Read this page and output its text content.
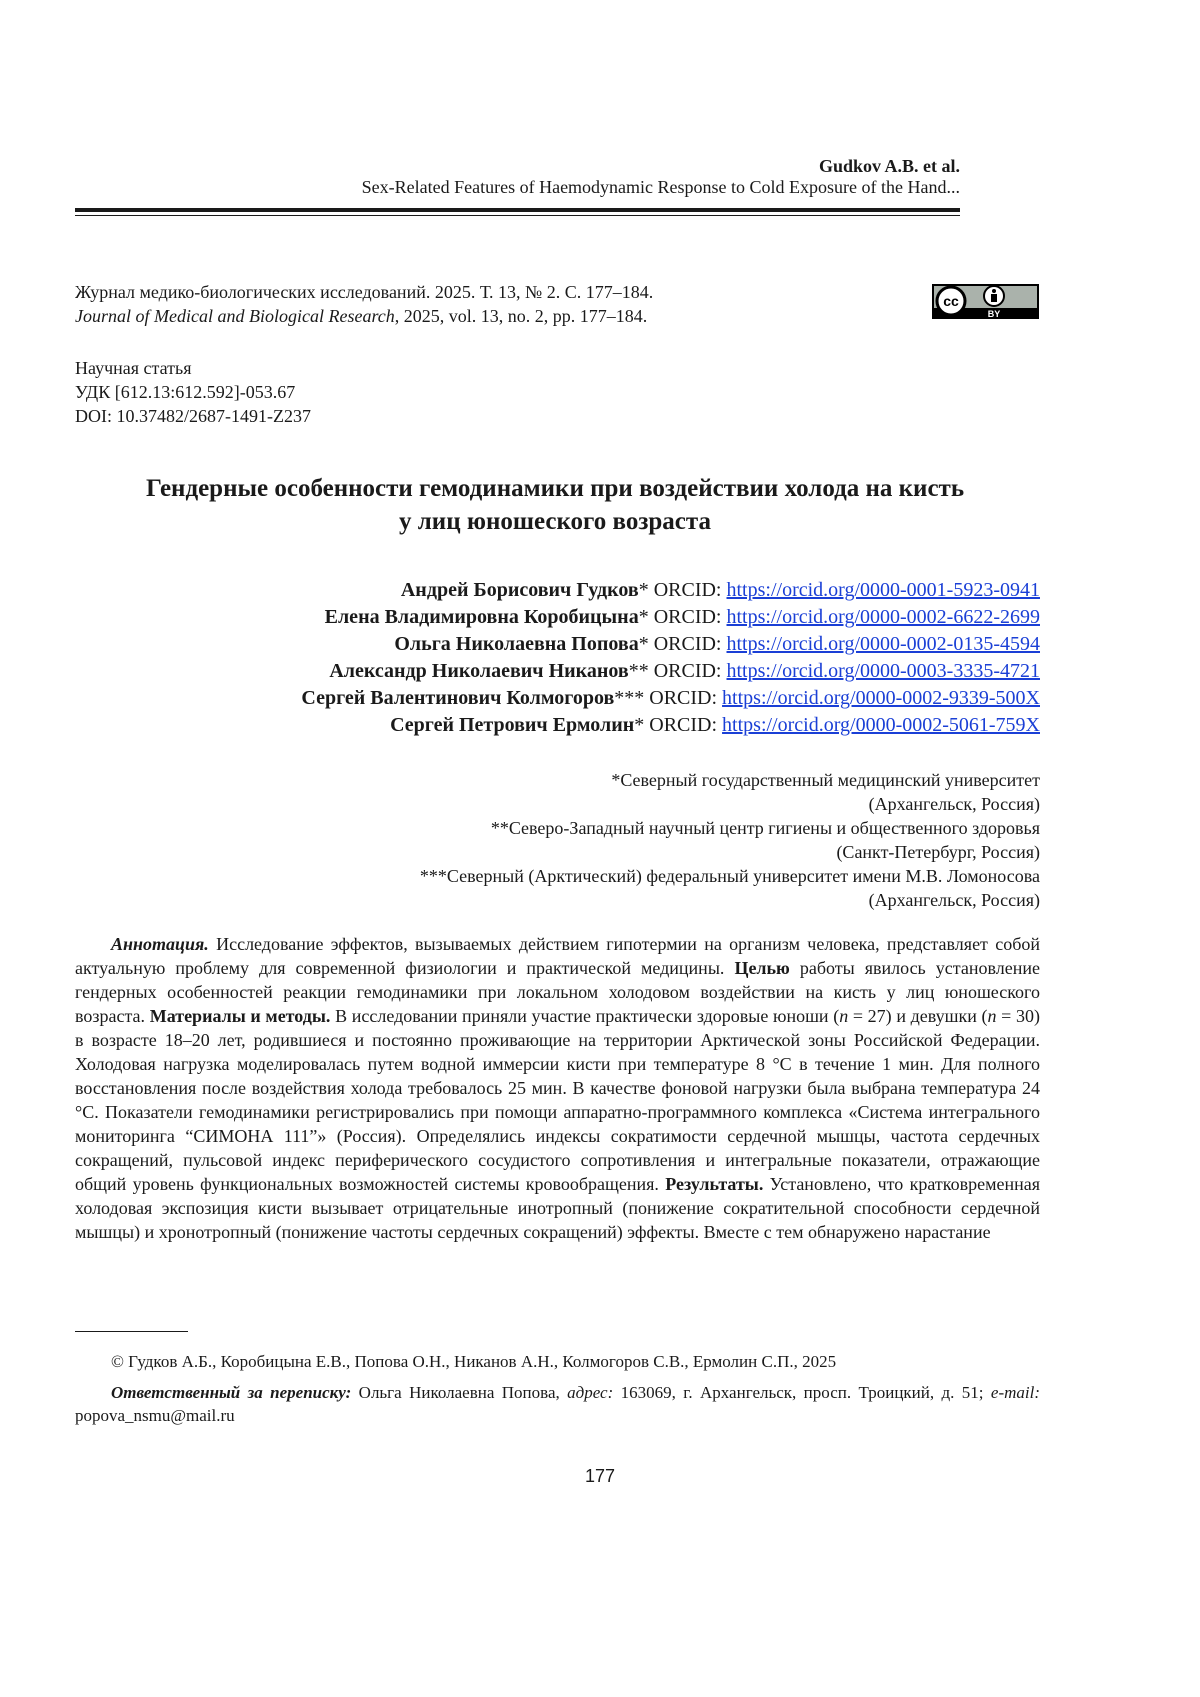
Gudkov A.B. et al.
Sex-Related Features of Haemodynamic Response to Cold Exposure of the Hand...
Журнал медико-биологических исследований. 2025. Т. 13, № 2. С. 177–184.
Journal of Medical and Biological Research, 2025, vol. 13, no. 2, pp. 177–184.
cc
BY
Научная статья
УДК [612.13:612.592]-053.67
DOI: 10.37482/2687-1491-Z237
Гендерные особенности гемодинамики при воздействии холода на кисть
у лиц юношеского возраста
Андрей Борисович Гудков* ORCID: https://orcid.org/0000-0001-5923-0941
Елена Владимировна Коробицына* ORCID: https://orcid.org/0000-0002-6622-2699
Ольга Николаевна Попова* ORCID: https://orcid.org/0000-0002-0135-4594
Александр Николаевич Никанов** ORCID: https://orcid.org/0000-0003-3335-4721
Сергей Валентинович Колмогоров*** ORCID: https://orcid.org/0000-0002-9339-500X
Сергей Петрович Ермолин* ORCID: https://orcid.org/0000-0002-5061-759X
*Северный государственный медицинский университет
(Архангельск, Россия)
**Северо-Западный научный центр гигиены и общественного здоровья
(Санкт-Петербург, Россия)
***Северный (Арктический) федеральный университет имени М.В. Ломоносова
(Архангельск, Россия)
Аннотация. Исследование эффектов, вызываемых действием гипотермии на организм человека, представляет собой актуальную проблему для современной физиологии и практической медицины. Целью работы явилось установление гендерных особенностей реакции гемодинамики при локальном холодовом воздействии на кисть у лиц юношеского возраста. Материалы и методы. В исследовании приняли участие практически здоровые юноши (n = 27) и девушки (n = 30) в возрасте 18–20 лет, родившиеся и постоянно проживающие на территории Арктической зоны Российской Федерации. Холодовая нагрузка моделировалась путем водной иммерсии кисти при температуре 8 °С в течение 1 мин. Для полного восстановления после воздействия холода требовалось 25 мин. В качестве фоновой нагрузки была выбрана температура 24 °С. Показатели гемодинамики регистрировались при помощи аппаратно-программного комплекса «Система интегрального мониторинга “СИМОНА 111”» (Россия). Определялись индексы сократимости сердечной мышцы, частота сердечных сокращений, пульсовой индекс периферического сосудистого сопротивления и интегральные показатели, отражающие общий уровень функциональных возможностей системы кровообращения. Результаты. Установлено, что кратковременная холодовая экспозиция кисти вызывает отрицательные инотропный (понижение сократительной способности сердечной мышцы) и хронотропный (понижение частоты сердечных сокращений) эффекты. Вместе с тем обнаружено нарастание
© Гудков А.Б., Коробицына Е.В., Попова О.Н., Никанов А.Н., Колмогоров С.В., Ермолин С.П., 2025
Ответственный за переписку: Ольга Николаевна Попова, адрес: 163069, г. Архангельск, просп. Троицкий, д. 51; e-mail: popova_nsmu@mail.ru
177
